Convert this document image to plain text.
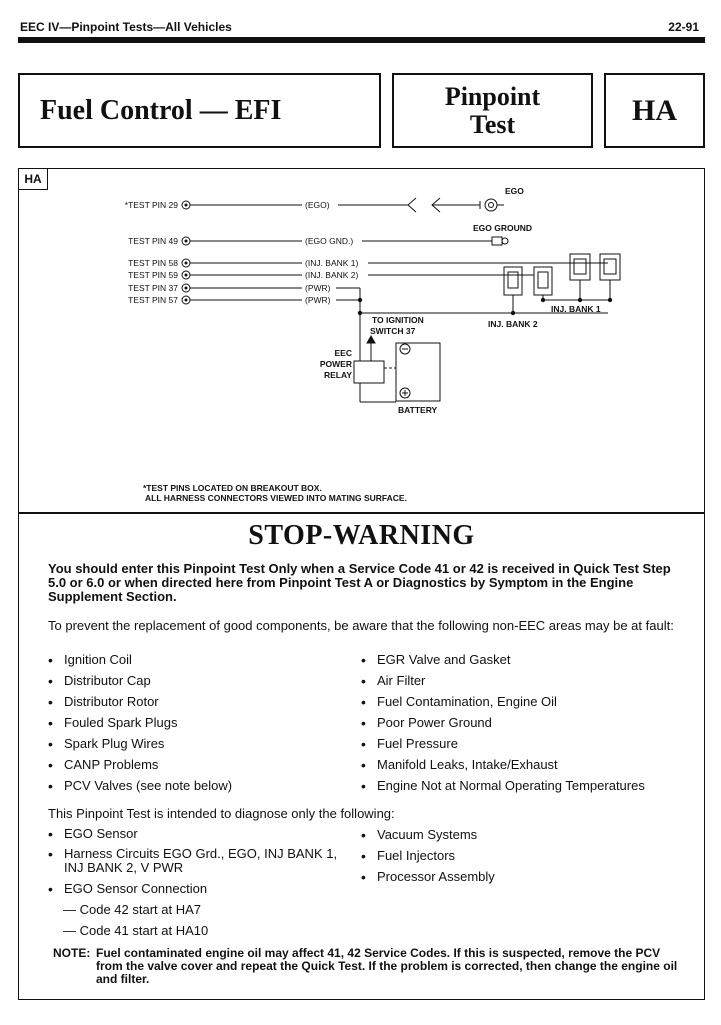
EEC IV—Pinpoint Tests—All Vehicles	22-91
Fuel Control — EFI	Pinpoint
Test	HA
HA
*TEST PIN 29
TEST PIN 49
TEST PIN 58
TEST PIN 59
TEST PIN 37
TEST PIN 57
(EGO)
(EGO GND.)
(INJ. BANK 1)
(INJ. BANK 2)
(PWR)
(PWR)
EGO
EGO GROUND
INJ. BANK 1
INJ. BANK 2
TO IGNITION
SWITCH 37
EEC
POWER
RELAY
BATTERY
*TEST PINS LOCATED ON BREAKOUT BOX.
ALL HARNESS CONNECTORS VIEWED INTO MATING SURFACE.
STOP-WARNING
You should enter this Pinpoint Test Only when a Service Code 41 or 42 is received in Quick Test Step 5.0 or 6.0 or when directed here from Pinpoint Test A or Diagnostics by Symptom in the Engine Supplement Section.
To prevent the replacement of good components, be aware that the following non-EEC areas may be at fault:
• Ignition Coil
• Distributor Cap
• Distributor Rotor
• Fouled Spark Plugs
• Spark Plug Wires
• CANP Problems
• PCV Valves (see note below)
• EGR Valve and Gasket
• Air Filter
• Fuel Contamination, Engine Oil
• Poor Power Ground
• Fuel Pressure
• Manifold Leaks, Intake/Exhaust
• Engine Not at Normal Operating Temperatures
This Pinpoint Test is intended to diagnose only the following:
• EGO Sensor
• Harness Circuits EGO Grd., EGO, INJ BANK 1, INJ BANK 2, V PWR
• EGO Sensor Connection
— Code 42 start at HA7
— Code 41 start at HA10
• Vacuum Systems
• Fuel Injectors
• Processor Assembly
NOTE: Fuel contaminated engine oil may affect 41, 42 Service Codes. If this is suspected, remove the PCV from the valve cover and repeat the Quick Test. If the problem is corrected, then change the engine oil and filter.
